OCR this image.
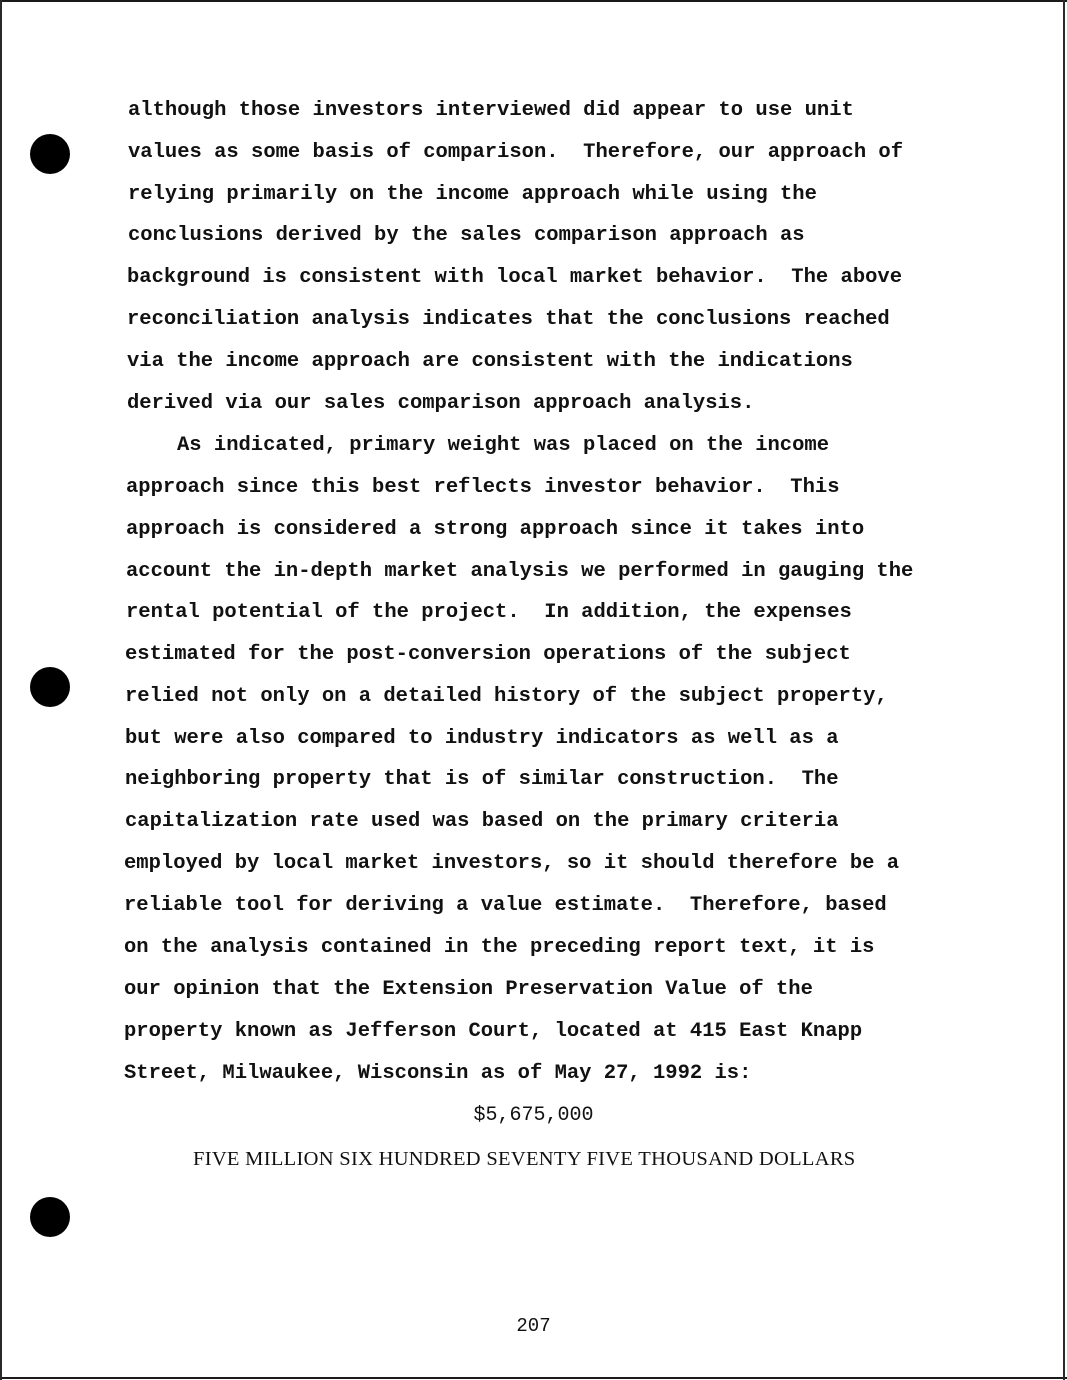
although those investors interviewed did appear to use unit
values as some basis of comparison.  Therefore, our approach of
relying primarily on the income approach while using the
conclusions derived by the sales comparison approach as
background is consistent with local market behavior.  The above
reconciliation analysis indicates that the conclusions reached
via the income approach are consistent with the indications
derived via our sales comparison approach analysis.
As indicated, primary weight was placed on the income
approach since this best reflects investor behavior.  This
approach is considered a strong approach since it takes into
account the in-depth market analysis we performed in gauging the
rental potential of the project.  In addition, the expenses
estimated for the post-conversion operations of the subject
relied not only on a detailed history of the subject property,
but were also compared to industry indicators as well as a
neighboring property that is of similar construction.  The
capitalization rate used was based on the primary criteria
employed by local market investors, so it should therefore be a
reliable tool for deriving a value estimate.  Therefore, based
on the analysis contained in the preceding report text, it is
our opinion that the Extension Preservation Value of the
property known as Jefferson Court, located at 415 East Knapp
Street, Milwaukee, Wisconsin as of May 27, 1992 is:
$5,675,000
FIVE MILLION SIX HUNDRED SEVENTY FIVE THOUSAND DOLLARS
207
